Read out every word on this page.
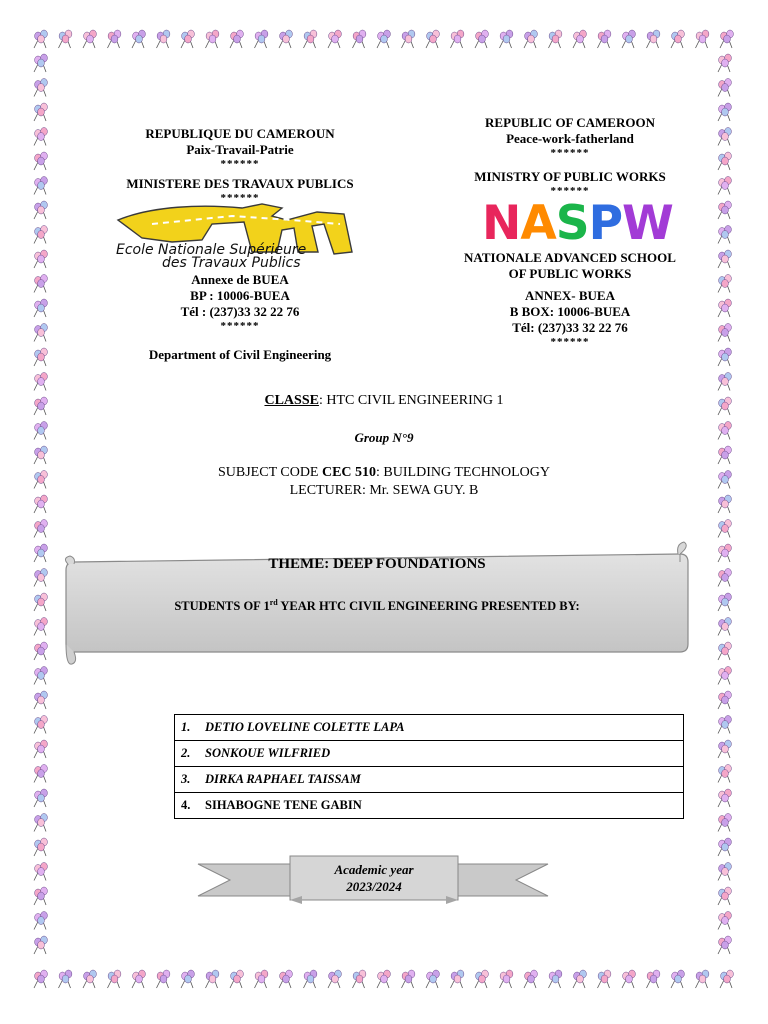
REPUBLIQUE DU CAMEROUN
Paix-Travail-Patrie
******
MINISTERE DES TRAVAUX PUBLICS
******
Ecole Nationale Supérieure
des Travaux Publics
Annexe de BUEA
BP : 10006-BUEA
Tél : (237)33 32 22 76
******
Department of Civil Engineering
REPUBLIC OF CAMEROON
Peace-work-fatherland
******
MINISTRY OF PUBLIC WORKS
******
NASPW
NATIONALE ADVANCED SCHOOL
OF PUBLIC WORKS
ANNEX- BUEA
B BOX: 10006-BUEA
Tél: (237)33 32 22 76
******
CLASSE: HTC CIVIL ENGINEERING 1
Group N°9
SUBJECT CODE CEC 510: BUILDING TECHNOLOGY
LECTURER: Mr. SEWA GUY. B
THEME: DEEP FOUNDATIONS
STUDENTS OF 1rd YEAR HTC CIVIL ENGINEERING PRESENTED BY:
1. DETIO LOVELINE COLETTE LAPA
2. SONKOUE WILFRIED
3. DIRKA RAPHAEL TAISSAM
4. SIHABOGNE TENE GABIN
Academic year
2023/2024
